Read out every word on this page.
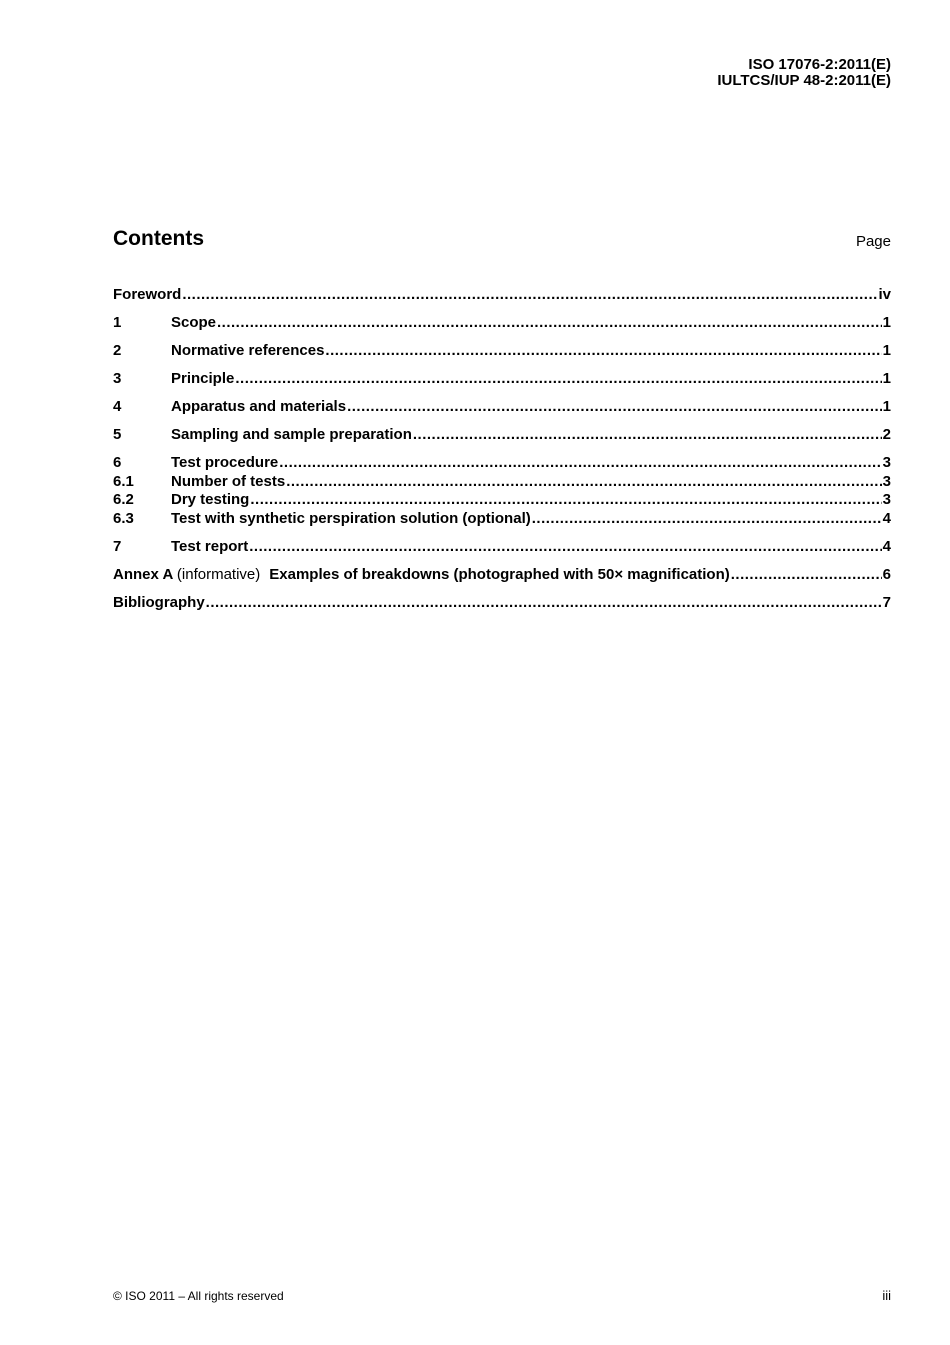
ISO 17076-2:2011(E)
IULTCS/IUP 48-2:2011(E)
Contents	Page
Foreword .....	iv
1	Scope .....	1
2	Normative references .....	1
3	Principle .....	1
4	Apparatus and materials .....	1
5	Sampling and sample preparation .....	2
6	Test procedure .....	3
6.1	Number of tests .....	3
6.2	Dry testing .....	3
6.3	Test with synthetic perspiration solution (optional) .....	4
7	Test report .....	4
Annex A (informative) Examples of breakdowns (photographed with 50× magnification) .....	6
Bibliography .....	7
© ISO 2011 – All rights reserved	iii
